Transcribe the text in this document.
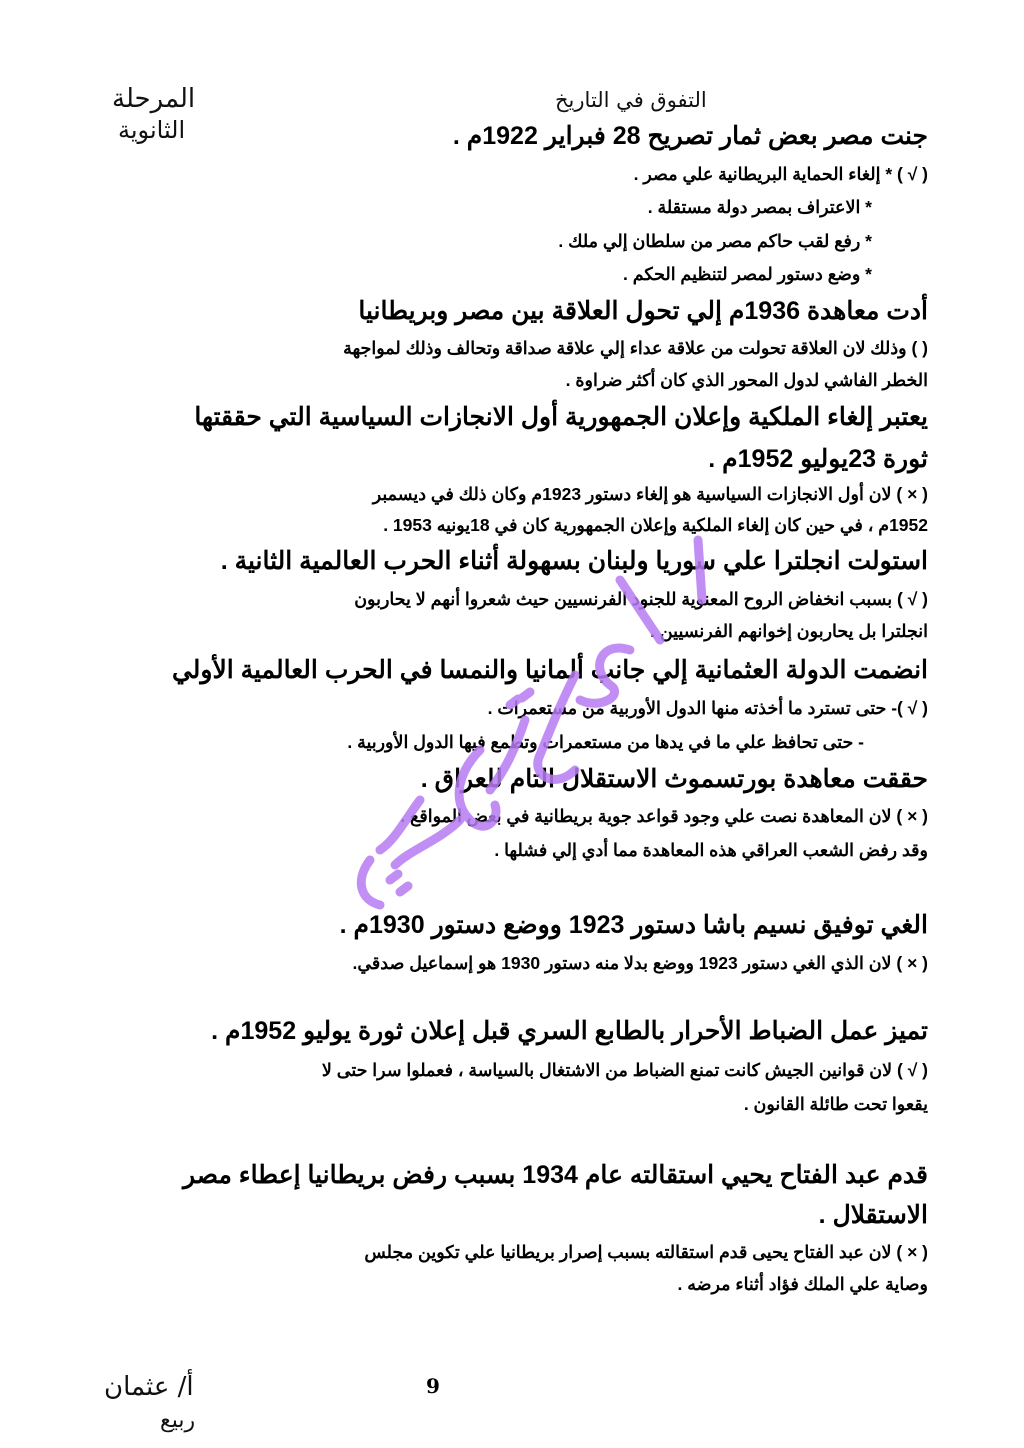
التفوق في التاريخ
المرحلة
الثانوية	جنت مصر بعض ثمار تصريح 28 فبراير 1922م .
( √ ) * إلغاء الحماية البريطانية علي مصر .
* الاعتراف بمصر دولة مستقلة .
* رفع لقب حاكم مصر من سلطان إلي ملك .
* وضع دستور لمصر لتنظيم الحكم .
أدت معاهدة 1936م إلي تحول العلاقة بين مصر وبريطانيا
( ) وذلك لان العلاقة تحولت من علاقة عداء إلي علاقة صداقة وتحالف وذلك لمواجهة
الخطر الفاشي لدول المحور الذي كان أكثر ضراوة .
يعتبر إلغاء الملكية وإعلان الجمهورية أول الانجازات السياسية التي حققتها
ثورة 23يوليو 1952م .
( × ) لان أول الانجازات السياسية هو إلغاء دستور 1923م وكان ذلك في ديسمبر
1952م ، في حين كان إلغاء الملكية وإعلان الجمهورية كان في 18يونيه 1953 .
استولت انجلترا علي سوريا ولبنان بسهولة أثناء الحرب العالمية الثانية .
( √ ) بسبب انخفاض الروح المعنوية للجنود الفرنسيين حيث شعروا أنهم لا يحاربون
انجلترا بل يحاربون إخوانهم الفرنسيين .
انضمت الدولة العثمانية إلي جانب ألمانيا والنمسا في الحرب العالمية الأولي
( √ )- حتى تسترد ما أخذته منها الدول الأوربية من مستعمرات .
- حتى تحافظ علي ما في يدها من مستعمرات وتطمع فيها الدول الأوربية .
حققت معاهدة بورتسموث الاستقلال التام للعراق .
( × ) لان المعاهدة نصت علي وجود قواعد جوية بريطانية في بعض المواقع .
وقد رفض الشعب العراقي هذه المعاهدة مما أدي إلي فشلها .
الغي توفيق نسيم باشا دستور 1923 ووضع دستور 1930م .
( × ) لان الذي الغي دستور 1923 ووضع بدلا منه دستور 1930 هو إسماعيل صدقي.
تميز عمل الضباط الأحرار بالطابع السري قبل إعلان ثورة يوليو 1952م .
( √ ) لان قوانين الجيش كانت تمنع الضباط من الاشتغال بالسياسة ، فعملوا سرا حتى لا
يقعوا تحت طائلة القانون .
قدم عبد الفتاح يحيي استقالته عام 1934 بسبب رفض بريطانيا إعطاء مصر
الاستقلال .
( × ) لان عبد الفتاح يحيى قدم استقالته بسبب إصرار بريطانيا علي تكوين مجلس
وصاية علي الملك فؤاد أثناء مرضه .
أ/ عثمان
ربيع
9
